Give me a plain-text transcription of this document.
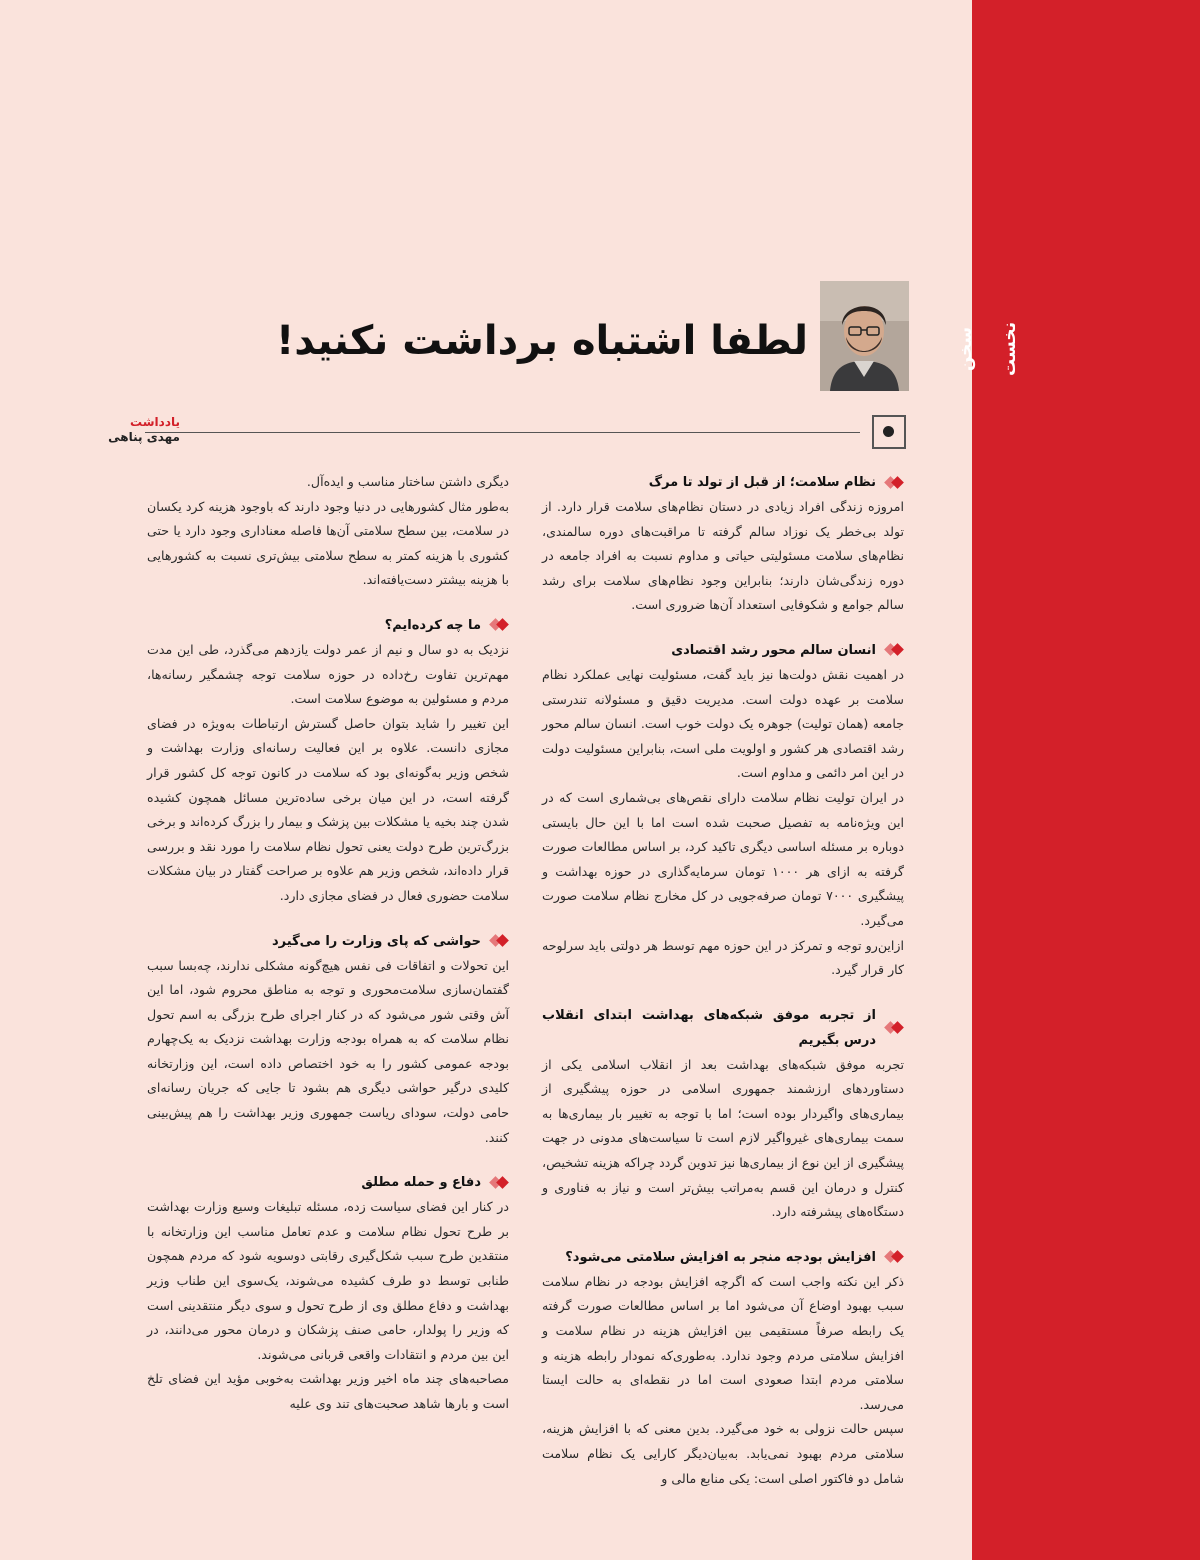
سخن نخست
لطفا اشتباه برداشت نکنید!
یادداشت
مهدی پناهی
نظام سلامت؛ از قبل از تولد تا مرگ

امروزه زندگی افراد زیادی در دستان نظام‌های سلامت قرار دارد. از تولد بی‌خطر یک نوزاد سالم گرفته تا مراقبت‌های دوره سالمندی، نظام‌های سلامت مسئولیتی حیاتی و مداوم نسبت به افراد جامعه در دوره زندگی‌شان دارند؛ بنابراین وجود نظام‌های سلامت برای رشد سالم جوامع و شکوفایی استعداد آن‌ها ضروری است.

انسان سالم محور رشد اقتصادی

در اهمیت نقش دولت‌ها نیز باید گفت، مسئولیت نهایی عملکرد نظام سلامت بر عهده دولت است. مدیریت دقیق و مسئولانه تندرستی جامعه (همان تولیت) جوهره یک دولت خوب است. انسان سالم محور رشد اقتصادی هر کشور و اولویت ملی است، بنابراین مسئولیت دولت در این امر دائمی و مداوم است.

در ایران تولیت نظام سلامت دارای نقص‌های بی‌شماری است که در این ویژه‌نامه به تفصیل صحبت شده است اما با این حال بایستی دوباره بر مسئله اساسی دیگری تاکید کرد، بر اساس مطالعات صورت گرفته به ازای هر ۱۰۰۰ تومان سرمایه‌گذاری در حوزه بهداشت و پیشگیری ۷۰۰۰ تومان صرفه‌جویی در کل مخارج نظام سلامت صورت می‌گیرد.

ازاین‌رو توجه و تمرکز در این حوزه مهم توسط هر دولتی باید سرلوحه کار قرار گیرد.

از تجربه موفق شبکه‌های بهداشت ابتدای انقلاب درس بگیریم

تجربه موفق شبکه‌های بهداشت بعد از انقلاب اسلامی یکی از دستاوردهای ارزشمند جمهوری اسلامی در حوزه پیشگیری از بیماری‌های واگیردار بوده است؛ اما با توجه به تغییر بار بیماری‌ها به سمت بیماری‌های غیرواگیر لازم است تا سیاست‌های مدونی در جهت پیشگیری از این نوع از بیماری‌ها نیز تدوین گردد چراکه هزینه تشخیص، کنترل و درمان این قسم به‌مراتب بیش‌تر است و نیاز به فناوری و دستگاه‌های پیشرفته دارد.

افزایش بودجه منجر به افزایش سلامتی می‌شود؟

ذکر این نکته واجب است که اگرچه افزایش بودجه در نظام سلامت سبب بهبود اوضاع آن می‌شود اما بر اساس مطالعات صورت گرفته یک رابطه صرفاً مستقیمی بین افزایش هزینه در نظام سلامت و افزایش سلامتی مردم وجود ندارد. به‌طوری‌که نمودار رابطه هزینه و سلامتی مردم ابتدا صعودی است اما در نقطه‌ای به حالت ایستا می‌رسد.

سپس حالت نزولی به خود می‌گیرد. بدین معنی که با افزایش هزینه، سلامتی مردم بهبود نمی‌یابد. به‌بیان‌دیگر کارایی یک نظام سلامت شامل دو فاکتور اصلی است: یکی منابع مالی و

دیگری داشتن ساختار مناسب و ایده‌آل.

به‌طور مثال کشورهایی در دنیا وجود دارند که باوجود هزینه کرد یکسان در سلامت، بین سطح سلامتی آن‌ها فاصله معناداری وجود دارد یا حتی کشوری با هزینه کمتر به سطح سلامتی بیش‌تری نسبت به کشورهایی با هزینه بیشتر دست‌یافته‌اند.

ما چه کرده‌ایم؟

نزدیک به دو سال و نیم از عمر دولت یازدهم می‌گذرد، طی این مدت مهم‌ترین تفاوت رخ‌داده در حوزه سلامت توجه چشمگیر رسانه‌ها، مردم و مسئولین به موضوع سلامت است.

این تغییر را شاید بتوان حاصل گسترش ارتباطات به‌ویژه در فضای مجازی دانست. علاوه بر این فعالیت رسانه‌ای وزارت بهداشت و شخص وزیر به‌گونه‌ای بود که سلامت در کانون توجه کل کشور قرار گرفته است، در این میان برخی ساده‌ترین مسائل همچون کشیده شدن چند بخیه یا مشکلات بین پزشک و بیمار را بزرگ کرده‌اند و برخی بزرگ‌ترین طرح دولت یعنی تحول نظام سلامت را مورد نقد و بررسی قرار داده‌اند، شخص وزیر هم علاوه بر صراحت گفتار در بیان مشکلات سلامت حضوری فعال در فضای مجازی دارد.

حواشی که پای وزارت را می‌گیرد

این تحولات و اتفاقات فی نفس هیچ‌گونه مشکلی ندارند، چه‌بسا سبب گفتمان‌سازی سلامت‌محوری و توجه به مناطق محروم شود، اما این آش وقتی شور می‌شود که در کنار اجرای طرح بزرگی به اسم تحول نظام سلامت که به همراه بودجه وزارت بهداشت نزدیک به یک‌چهارم بودجه عمومی کشور را به خود اختصاص داده است، این وزارتخانه کلیدی درگیر حواشی دیگری هم بشود تا جایی که جریان رسانه‌ای حامی دولت، سودای ریاست جمهوری وزیر بهداشت را هم پیش‌بینی کنند.

دفاع و حمله مطلق

در کنار این فضای سیاست زده، مسئله تبلیغات وسیع وزارت بهداشت بر طرح تحول نظام سلامت و عدم تعامل مناسب این وزارتخانه با منتقدین طرح سبب شکل‌گیری رقابتی دوسویه شود که مردم همچون طنابی توسط دو طرف کشیده می‌شوند، یک‌سوی این طناب وزیر بهداشت و دفاع مطلق وی از طرح تحول و سوی دیگر منتقدینی است که وزیر را پولدار، حامی صنف پزشکان و درمان محور می‌دانند، در این بین مردم و انتقادات واقعی قربانی می‌شوند.

مصاحبه‌های چند ماه اخیر وزیر بهداشت به‌خوبی مؤید این فضای تلخ است و بارها شاهد صحبت‌های تند وی علیه
